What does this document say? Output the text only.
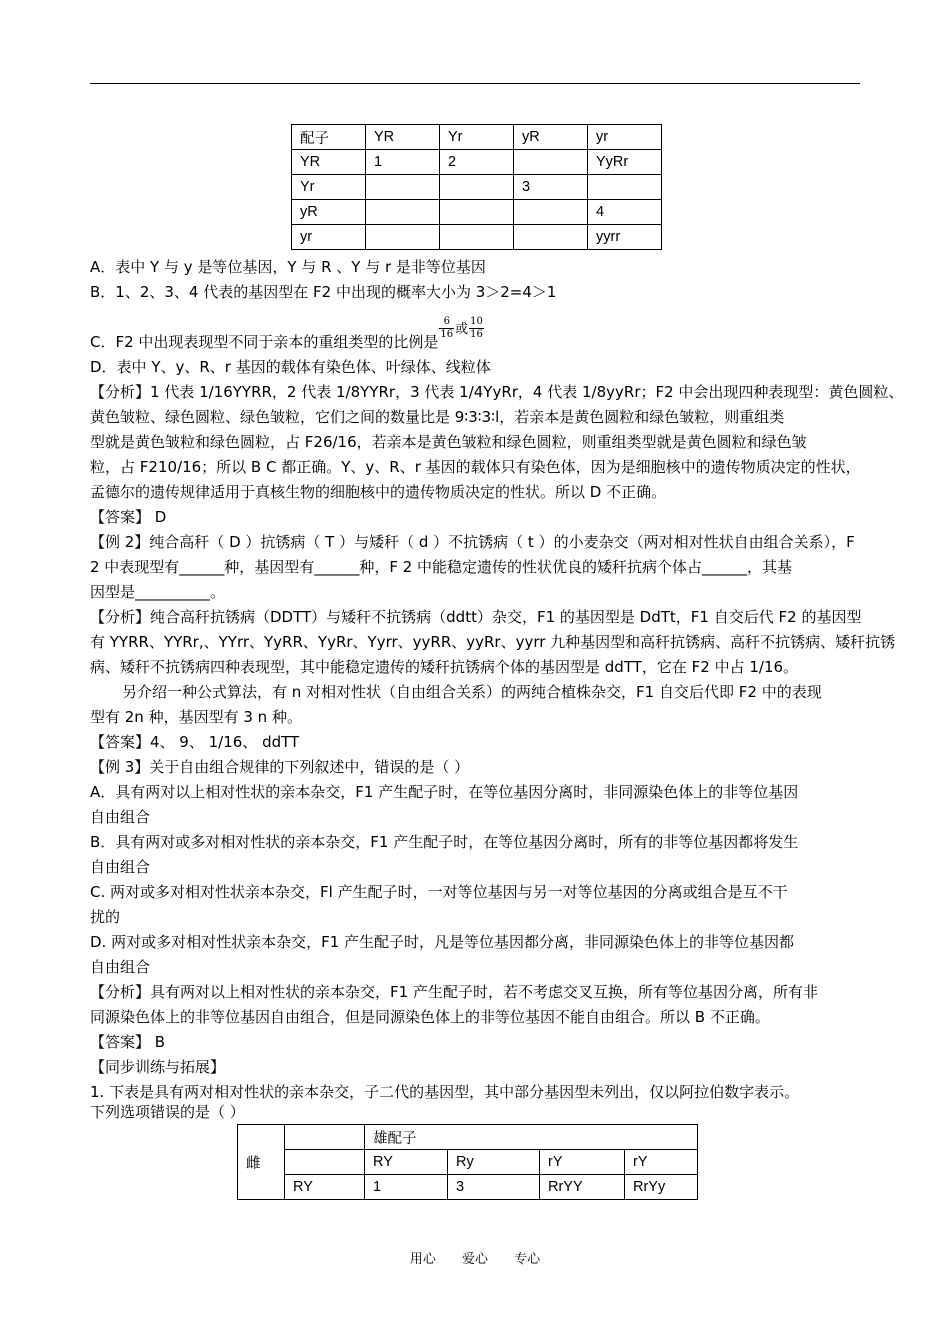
配子	YR	Yr	yR	yr
YR	1	2		YyRr
Yr			3	
yR				4
yr				yyrr
A．表中 Y 与 y 是等位基因，Y 与 R 、Y 与 r 是非等位基因
B．1、2、3、4 代表的基因型在 F2 中出现的概率大小为 3＞2=4＞1
C．F2 中出现表现型不同于亲本的重组类型的比例是
$\frac{6}{16}$ 或 $\frac{10}{16}$
D．表中 Y、y、R、r 基因的载体有染色体、叶绿体、线粒体
【分析】1 代表 1/16YYRR，2 代表 1/8YYRr，3 代表 1/4YyRr，4 代表 1/8yyRr；F2 中会出现四种表现型：黄色圆粒、
黄色皱粒、绿色圆粒、绿色皱粒，它们之间的数量比是 9∶3∶3∶l，若亲本是黄色圆粒和绿色皱粒，则重组类
型就是黄色皱粒和绿色圆粒，占 F26/16，若亲本是黄色皱粒和绿色圆粒，则重组类型就是黄色圆粒和绿色皱
粒，占 F210/16；所以 B C 都正确。Y、y、R、r 基因的载体只有染色体，因为是细胞核中的遗传物质决定的性状，
孟德尔的遗传规律适用于真核生物的细胞核中的遗传物质决定的性状。所以 D 不正确。
【答案】 D
【例 2】纯合高秆（ D ）抗锈病（ T ）与矮秆（ d ）不抗锈病（ t ）的小麦杂交（两对相对性状自由组合关系），F
2 中表现型有______种，基因型有______种，F 2 中能稳定遗传的性状优良的矮秆抗病个体占______，其基
因型是__________。
【分析】纯合高秆抗锈病（DDTT）与矮秆不抗锈病（ddtt）杂交，F1 的基因型是 DdTt，F1 自交后代 F2 的基因型
有 YYRR、YYRr,、YYrr、YyRR、YyRr、Yyrr、yyRR、yyRr、yyrr 九种基因型和高秆抗锈病、高秆不抗锈病、矮秆抗锈
病、矮秆不抗锈病四种表现型，其中能稳定遗传的矮秆抗锈病个体的基因型是 ddTT，它在 F2 中占 1/16。
另介绍一种公式算法，有 n 对相对性状（自由组合关系）的两纯合植株杂交，F1 自交后代即 F2 中的表现
型有 2n 种，基因型有 3 n 种。
【答案】4、 9、 1/16、 ddTT
【例 3】关于自由组合规律的下列叙述中，错误的是（ ）
A．具有两对以上相对性状的亲本杂交，F1 产生配子时，在等位基因分离时，非同源染色体上的非等位基因
自由组合
B．具有两对或多对相对性状的亲本杂交，F1 产生配子时，在等位基因分离时，所有的非等位基因都将发生
自由组合
C. 两对或多对相对性状亲本杂交，Fl 产生配子时，一对等位基因与另一对等位基因的分离或组合是互不干
扰的
D. 两对或多对相对性状亲本杂交，F1 产生配子时，凡是等位基因都分离，非同源染色体上的非等位基因都
自由组合
【分析】具有两对以上相对性状的亲本杂交，F1 产生配子时，若不考虑交叉互换，所有等位基因分离，所有非
同源染色体上的非等位基因自由组合，但是同源染色体上的非等位基因不能自由组合。所以 B 不正确。
【答案】 B
【同步训练与拓展】
1. 下表是具有两对相对性状的亲本杂交，子二代的基因型，其中部分基因型未列出，仅以阿拉伯数字表示。
下列选项错误的是（ ）
雌		雄配子			
		RY	Ry	rY	rY
	RY	1	3	RrYY	RrYy
用心 爱心 专心
